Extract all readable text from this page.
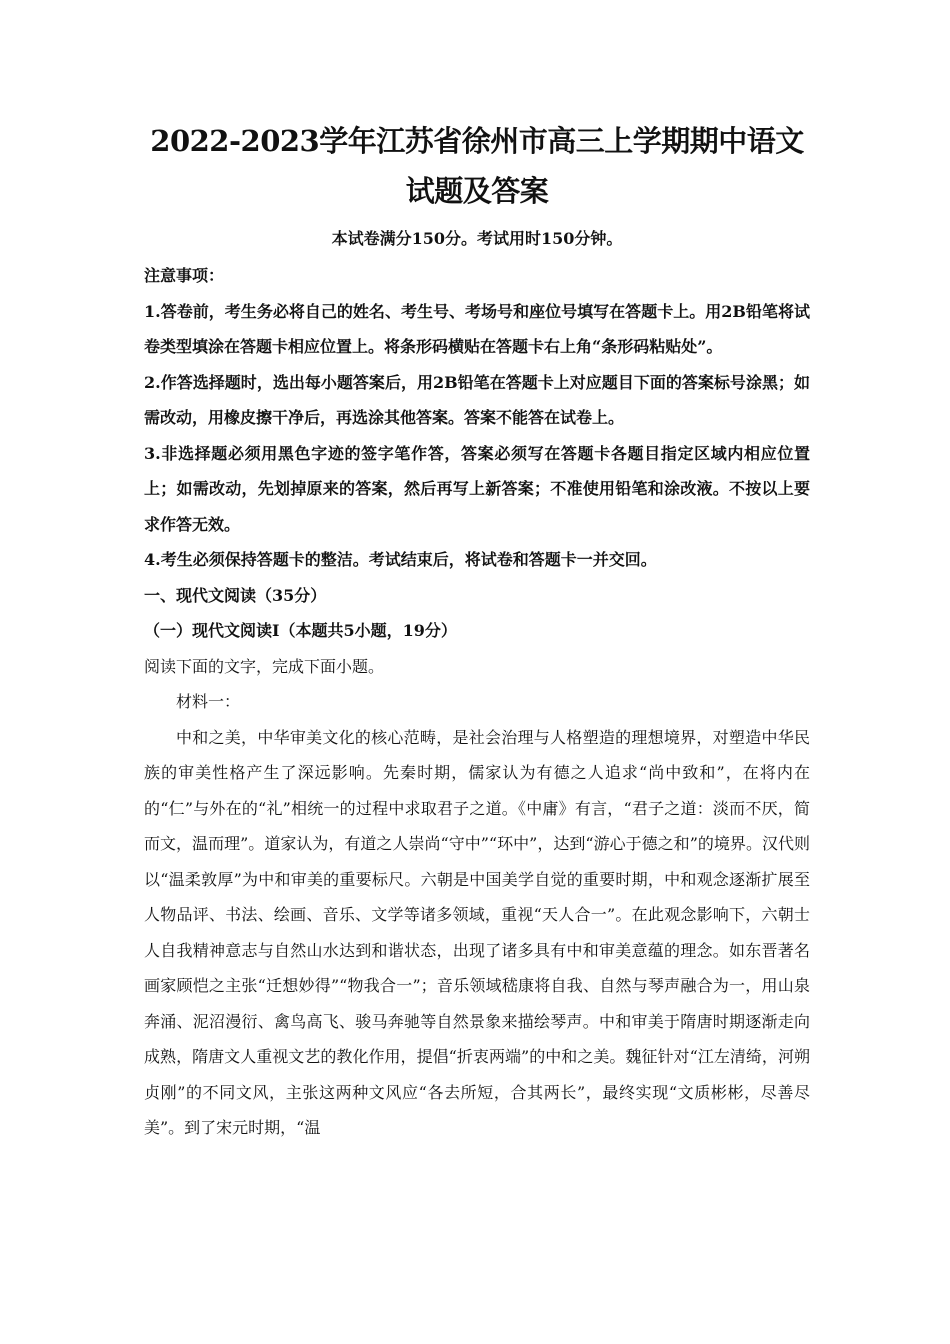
2022-2023学年江苏省徐州市高三上学期期中语文试题及答案

本试卷满分150分。考试用时150分钟。

注意事项：

1.答卷前，考生务必将自己的姓名、考生号、考场号和座位号填写在答题卡上。用2B铅笔将试卷类型填涂在答题卡相应位置上。将条形码横贴在答题卡右上角“条形码粘贴处”。

2.作答选择题时，选出每小题答案后，用2B铅笔在答题卡上对应题目下面的答案标号涂黑；如需改动，用橡皮擦干净后，再选涂其他答案。答案不能答在试卷上。

3.非选择题必须用黑色字迹的签字笔作答，答案必须写在答题卡各题目指定区域内相应位置上；如需改动，先划掉原来的答案，然后再写上新答案；不准使用铅笔和涂改液。不按以上要求作答无效。

4.考生必须保持答题卡的整洁。考试结束后，将试卷和答题卡一并交回。

一、现代文阅读（35分）

（一）现代文阅读Ⅰ（本题共5小题，19分）

阅读下面的文字，完成下面小题。

材料一：

中和之美，中华审美文化的核心范畴，是社会治理与人格塑造的理想境界，对塑造中华民族的审美性格产生了深远影响。先秦时期，儒家认为有德之人追求“尚中致和”，在将内在的“仁”与外在的“礼”相统一的过程中求取君子之道。《中庸》有言，“君子之道：淡而不厌，简而文，温而理”。道家认为，有道之人崇尚“守中”“环中”，达到“游心于德之和”的境界。汉代则以“温柔敦厚”为中和审美的重要标尺。六朝是中国美学自觉的重要时期，中和观念逐渐扩展至人物品评、书法、绘画、音乐、文学等诸多领域，重视“天人合一”。在此观念影响下，六朝士人自我精神意志与自然山水达到和谐状态，出现了诸多具有中和审美意蕴的理念。如东晋著名画家顾恺之主张“迁想妙得”“物我合一”；音乐领域嵇康将自我、自然与琴声融合为一，用山泉奔涌、泥沼漫衍、禽鸟高飞、骏马奔驰等自然景象来描绘琴声。中和审美于隋唐时期逐渐走向成熟，隋唐文人重视文艺的教化作用，提倡“折衷两端”的中和之美。魏征针对“江左清绮，河朔贞刚”的不同文风，主张这两种文风应“各去所短，合其两长”，最终实现“文质彬彬，尽善尽美”。到了宋元时期，“温
